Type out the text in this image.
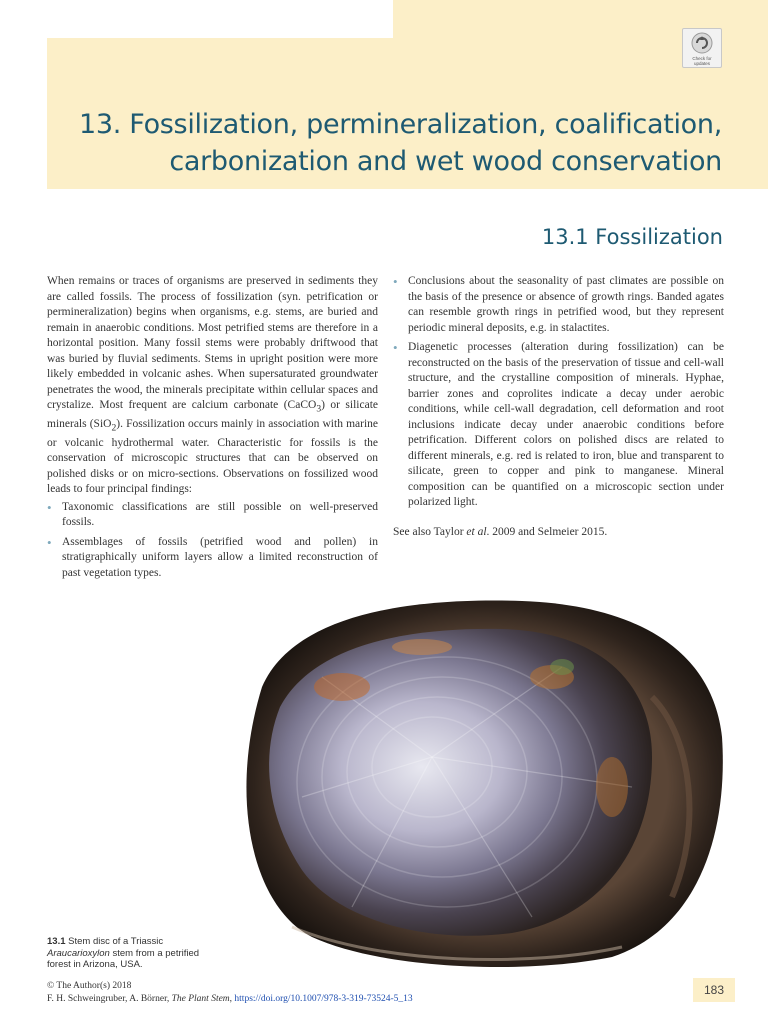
Check for updates
13. Fossilization, permineralization, coalification,
carbonization and wet wood conservation
13.1 Fossilization

When remains or traces of organisms are preserved in sediments they are called fossils. The process of fossilization (syn. petrification or permineralization) begins when organisms, e.g. stems, are buried and remain in anaerobic conditions. Most petrified stems are therefore in a horizontal position. Many fossil stems were probably driftwood that was buried by fluvial sediments. Stems in upright position were more likely embedded in volcanic ashes. When supersaturated groundwater penetrates the wood, the minerals precipitate within cellular spaces and crystalize. Most frequent are calcium carbonate (CaCO$_3$) or silicate minerals (SiO$_2$). Fossilization occurs mainly in association with marine or volcanic hydrothermal water. Characteristic for fossils is the conservation of microscopic structures that can be observed on polished disks or on micro-sections. Observations on fossilized wood leads to four principal findings:

• Taxonomic classifications are still possible on well-preserved fossils.
• Assemblages of fossils (petrified wood and pollen) in stratigraphically uniform layers allow a limited reconstruction of past vegetation types.
• Conclusions about the seasonality of past climates are possible on the basis of the presence or absence of growth rings. Banded agates can resemble growth rings in petrified wood, but they represent periodic mineral deposits, e.g. in stalactites.
• Diagenetic processes (alteration during fossilization) can be reconstructed on the basis of the preservation of tissue and cell-wall structure, and the crystalline composition of minerals. Hyphae, barrier zones and coprolites indicate a decay under aerobic conditions, while cell-wall degradation, cell deformation and root inclusions indicate decay under anaerobic conditions before petrification. Different colors on polished discs are related to different minerals, e.g. red is related to iron, blue and transparent to silicate, green to copper and pink to manganese. Mineral composition can be quantified on a microscopic section under polarized light.

See also Taylor et al. 2009 and Selmeier 2015.

13.1 Stem disc of a Triassic Araucarioxylon stem from a petrified forest in Arizona, USA.
© The Author(s) 2018
F. H. Schweingruber, A. Börner, The Plant Stem, https://doi.org/10.1007/978-3-319-73524-5_13
183
